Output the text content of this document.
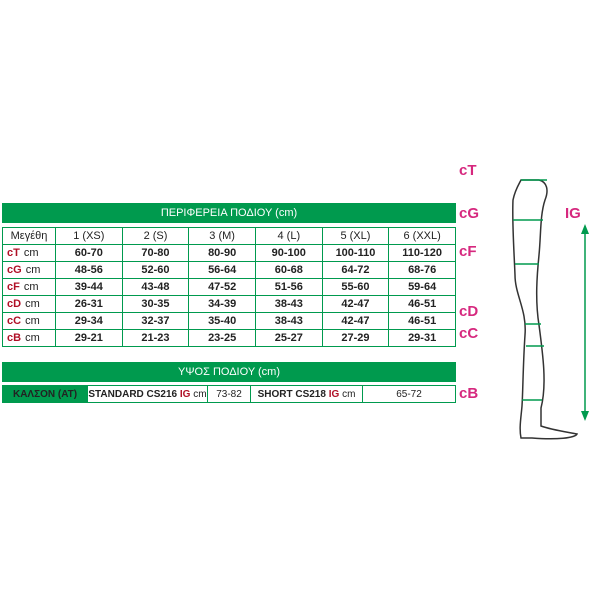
ΠΕΡΙΦΕΡΕΙΑ ΠΟΔΙΟΥ (cm)
Μεγέθη	1 (XS)	2 (S)	3 (M)	4 (L)	5 (XL)	6 (XXL)
cT cm	60-70	70-80	80-90	90-100	100-110	110-120
cG cm	48-56	52-60	56-64	60-68	64-72	68-76
cF cm	39-44	43-48	47-52	51-56	55-60	59-64
cD cm	26-31	30-35	34-39	38-43	42-47	46-51
cC cm	29-34	32-37	35-40	38-43	42-47	46-51
cB cm	29-21	21-23	23-25	25-27	27-29	29-31
ΥΨΟΣ ΠΟΔΙΟΥ (cm)
ΚΑΛΣΟΝ (ΑΤ)	STANDARD CS216 IG cm	73-82	SHORT CS218 IG cm	65-72
cT
cG	IG
cF
cD
cC
cB
